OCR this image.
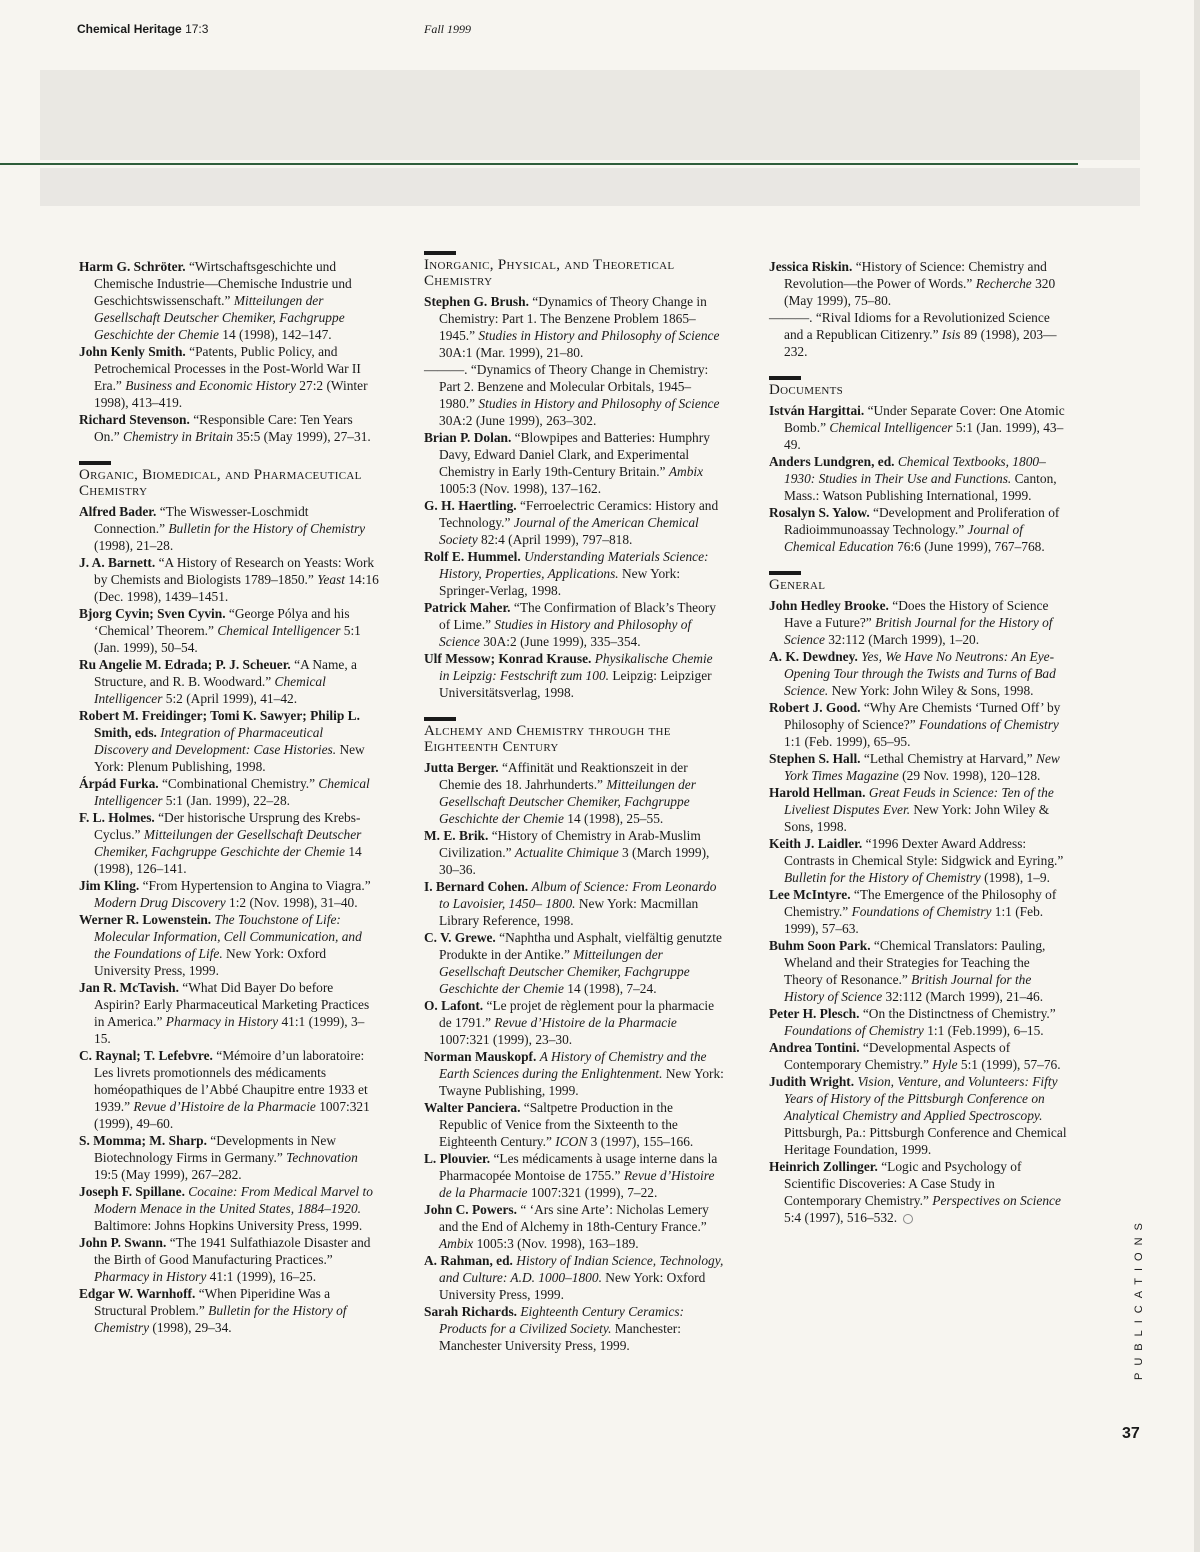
Chemical Heritage 17:3	Fall 1999
Harm G. Schröter. “Wirtschaftsgeschichte und Chemische Industrie—Chemische Industrie und Geschichtswissenschaft.” Mitteilungen der Gesellschaft Deutscher Chemiker, Fachgruppe Geschichte der Chemie 14 (1998), 142–147.
John Kenly Smith. “Patents, Public Policy, and Petrochemical Processes in the Post-World War II Era.” Business and Economic History 27:2 (Winter 1998), 413–419.
Richard Stevenson. “Responsible Care: Ten Years On.” Chemistry in Britain 35:5 (May 1999), 27–31.
Organic, Biomedical, and Pharmaceutical Chemistry
Alfred Bader. “The Wiswesser-Loschmidt Connection.” Bulletin for the History of Chemistry (1998), 21–28.
J. A. Barnett. “A History of Research on Yeasts: Work by Chemists and Biologists 1789–1850.” Yeast 14:16 (Dec. 1998), 1439–1451.
Bjorg Cyvin; Sven Cyvin. “George Pólya and his ‘Chemical’ Theorem.” Chemical Intelligencer 5:1 (Jan. 1999), 50–54.
Ru Angelie M. Edrada; P. J. Scheuer. “A Name, a Structure, and R. B. Woodward.” Chemical Intelligencer 5:2 (April 1999), 41–42.
Robert M. Freidinger; Tomi K. Sawyer; Philip L. Smith, eds. Integration of Pharmaceutical Discovery and Development: Case Histories. New York: Plenum Publishing, 1998.
Árpád Furka. “Combinational Chemistry.” Chemical Intelligencer 5:1 (Jan. 1999), 22–28.
F. L. Holmes. “Der historische Ursprung des Krebs-Cyclus.” Mitteilungen der Gesellschaft Deutscher Chemiker, Fachgruppe Geschichte der Chemie 14 (1998), 126–141.
Jim Kling. “From Hypertension to Angina to Viagra.” Modern Drug Discovery 1:2 (Nov. 1998), 31–40.
Werner R. Lowenstein. The Touchstone of Life: Molecular Information, Cell Communication, and the Foundations of Life. New York: Oxford University Press, 1999.
Jan R. McTavish. “What Did Bayer Do before Aspirin? Early Pharmaceutical Marketing Practices in America.” Pharmacy in History 41:1 (1999), 3–15.
C. Raynal; T. Lefebvre. “Mémoire d’un laboratoire: Les livrets promotionnels des médicaments homéopathiques de l’Abbé Chaupitre entre 1933 et 1939.” Revue d’Histoire de la Pharmacie 1007:321 (1999), 49–60.
S. Momma; M. Sharp. “Developments in New Biotechnology Firms in Germany.” Technovation 19:5 (May 1999), 267–282.
Joseph F. Spillane. Cocaine: From Medical Marvel to Modern Menace in the United States, 1884–1920. Baltimore: Johns Hopkins University Press, 1999.
John P. Swann. “The 1941 Sulfathiazole Disaster and the Birth of Good Manufacturing Practices.” Pharmacy in History 41:1 (1999), 16–25.
Edgar W. Warnhoff. “When Piperidine Was a Structural Problem.” Bulletin for the History of Chemistry (1998), 29–34.
Inorganic, Physical, and Theoretical Chemistry
Stephen G. Brush. “Dynamics of Theory Change in Chemistry: Part 1. The Benzene Problem 1865–1945.” Studies in History and Philosophy of Science 30A:1 (Mar. 1999), 21–80.
———. “Dynamics of Theory Change in Chemistry: Part 2. Benzene and Molecular Orbitals, 1945–1980.” Studies in History and Philosophy of Science 30A:2 (June 1999), 263–302.
Brian P. Dolan. “Blowpipes and Batteries: Humphry Davy, Edward Daniel Clark, and Experimental Chemistry in Early 19th-Century Britain.” Ambix 1005:3 (Nov. 1998), 137–162.
G. H. Haertling. “Ferroelectric Ceramics: History and Technology.” Journal of the American Chemical Society 82:4 (April 1999), 797–818.
Rolf E. Hummel. Understanding Materials Science: History, Properties, Applications. New York: Springer-Verlag, 1998.
Patrick Maher. “The Confirmation of Black’s Theory of Lime.” Studies in History and Philosophy of Science 30A:2 (June 1999), 335–354.
Ulf Messow; Konrad Krause. Physikalische Chemie in Leipzig: Festschrift zum 100. Leipzig: Leipziger Universitätsverlag, 1998.
Alchemy and Chemistry through the Eighteenth Century
Jutta Berger. “Affinität und Reaktionszeit in der Chemie des 18. Jahrhunderts.” Mitteilungen der Gesellschaft Deutscher Chemiker, Fachgruppe Geschichte der Chemie 14 (1998), 25–55.
M. E. Brik. “History of Chemistry in Arab-Muslim Civilization.” Actualite Chimique 3 (March 1999), 30–36.
I. Bernard Cohen. Album of Science: From Leonardo to Lavoisier, 1450– 1800. New York: Macmillan Library Reference, 1998.
C. V. Grewe. “Naphtha und Asphalt, vielfältig genutzte Produkte in der Antike.” Mitteilungen der Gesellschaft Deutscher Chemiker, Fachgruppe Geschichte der Chemie 14 (1998), 7–24.
O. Lafont. “Le projet de règlement pour la pharmacie de 1791.” Revue d’Histoire de la Pharmacie 1007:321 (1999), 23–30.
Norman Mauskopf. A History of Chemistry and the Earth Sciences during the Enlightenment. New York: Twayne Publishing, 1999.
Walter Panciera. “Saltpetre Production in the Republic of Venice from the Sixteenth to the Eighteenth Century.” ICON 3 (1997), 155–166.
L. Plouvier. “Les médicaments à usage interne dans la Pharmacopée Montoise de 1755.” Revue d’Histoire de la Pharmacie 1007:321 (1999), 7–22.
John C. Powers. “ ‘Ars sine Arte’: Nicholas Lemery and the End of Alchemy in 18th-Century France.” Ambix 1005:3 (Nov. 1998), 163–189.
A. Rahman, ed. History of Indian Science, Technology, and Culture: A.D. 1000–1800. New York: Oxford University Press, 1999.
Sarah Richards. Eighteenth Century Ceramics: Products for a Civilized Society. Manchester: Manchester University Press, 1999.
Jessica Riskin. “History of Science: Chemistry and Revolution—the Power of Words.” Recherche 320 (May 1999), 75–80.
———. “Rival Idioms for a Revolutionized Science and a Republican Citizenry.” Isis 89 (1998), 203—232.
Documents
István Hargittai. “Under Separate Cover: One Atomic Bomb.” Chemical Intelligencer 5:1 (Jan. 1999), 43–49.
Anders Lundgren, ed. Chemical Textbooks, 1800–1930: Studies in Their Use and Functions. Canton, Mass.: Watson Publishing International, 1999.
Rosalyn S. Yalow. “Development and Proliferation of Radioimmunoassay Technology.” Journal of Chemical Education 76:6 (June 1999), 767–768.
General
John Hedley Brooke. “Does the History of Science Have a Future?” British Journal for the History of Science 32:112 (March 1999), 1–20.
A. K. Dewdney. Yes, We Have No Neutrons: An Eye-Opening Tour through the Twists and Turns of Bad Science. New York: John Wiley & Sons, 1998.
Robert J. Good. “Why Are Chemists ‘Turned Off’ by Philosophy of Science?” Foundations of Chemistry 1:1 (Feb. 1999), 65–95.
Stephen S. Hall. “Lethal Chemistry at Harvard,” New York Times Magazine (29 Nov. 1998), 120–128.
Harold Hellman. Great Feuds in Science: Ten of the Liveliest Disputes Ever. New York: John Wiley & Sons, 1998.
Keith J. Laidler. “1996 Dexter Award Address: Contrasts in Chemical Style: Sidgwick and Eyring.” Bulletin for the History of Chemistry (1998), 1–9.
Lee McIntyre. “The Emergence of the Philosophy of Chemistry.” Foundations of Chemistry 1:1 (Feb. 1999), 57–63.
Buhm Soon Park. “Chemical Translators: Pauling, Wheland and their Strategies for Teaching the Theory of Resonance.” British Journal for the History of Science 32:112 (March 1999), 21–46.
Peter H. Plesch. “On the Distinctness of Chemistry.” Foundations of Chemistry 1:1 (Feb.1999), 6–15.
Andrea Tontini. “Developmental Aspects of Contemporary Chemistry.” Hyle 5:1 (1999), 57–76.
Judith Wright. Vision, Venture, and Volunteers: Fifty Years of History of the Pittsburgh Conference on Analytical Chemistry and Applied Spectroscopy. Pittsburgh, Pa.: Pittsburgh Conference and Chemical Heritage Foundation, 1999.
Heinrich Zollinger. “Logic and Psychology of Scientific Discoveries: A Case Study in Contemporary Chemistry.” Perspectives on Science 5:4 (1997), 516–532.	PUBLICATIONS
37
